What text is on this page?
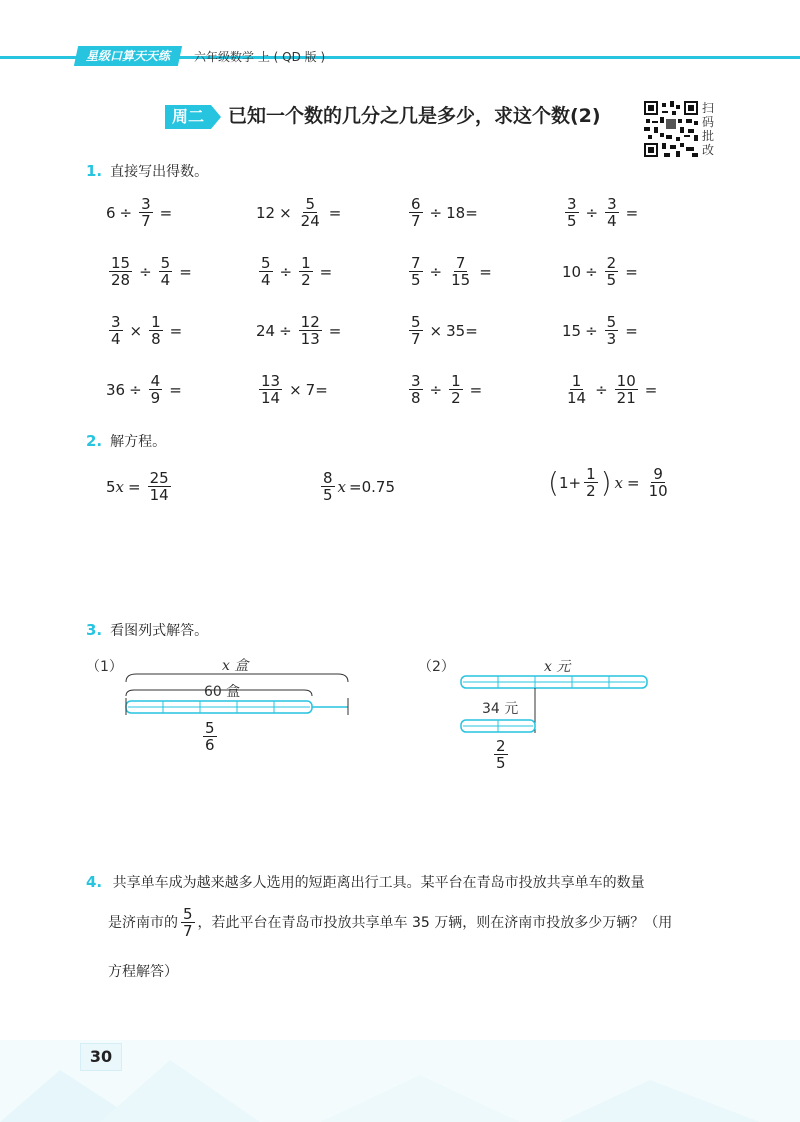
星级口算天天练	六年级数学 上 ( QD 版 )
周二	已知一个数的几分之几是多少，求这个数(2)	扫
码
批
改
1. 直接写出得数。
$6 \div \frac{3}{7}$ =	$12 \times \frac{5}{24}$ =	$\frac{6}{7} \div 18$ =	$\frac{3}{5} \div \frac{3}{4}$ =
$\frac{15}{28} \div \frac{5}{4}$ =	$\frac{5}{4} \div \frac{1}{2}$ =	$\frac{7}{5} \div \frac{7}{15}$ =	$10 \div \frac{2}{5}$ =
$\frac{3}{4} \times \frac{1}{8}$ =	$24 \div \frac{12}{13}$ =	$\frac{5}{7} \times 35$ =	$15 \div \frac{5}{3}$ =
$36 \div \frac{4}{9}$ =	$\frac{13}{14} \times 7$ =	$\frac{3}{8} \div \frac{1}{2}$ =	$\frac{1}{14} \div \frac{10}{21}$ =
2. 解方程。
5 $x = \frac{25}{14}$	$\frac{8}{5}$ x =0.75	( $1+ \frac{1}{2}$ ) $x = \frac{9}{10}$
3. 看图列式解答。
（1）	x 盒
60 盒
$\frac{5}{6}$
（2）	x 元
34 元
$\frac{2}{5}$
4. 共享单车成为越来越多人选用的短距离出行工具。某平台在青岛市投放共享单车的数量
是济南市的 $\frac{5}{7}$ ，若此平台在青岛市投放共享单车 35 万辆，则在济南市投放多少万辆？（用
方程解答）
30
